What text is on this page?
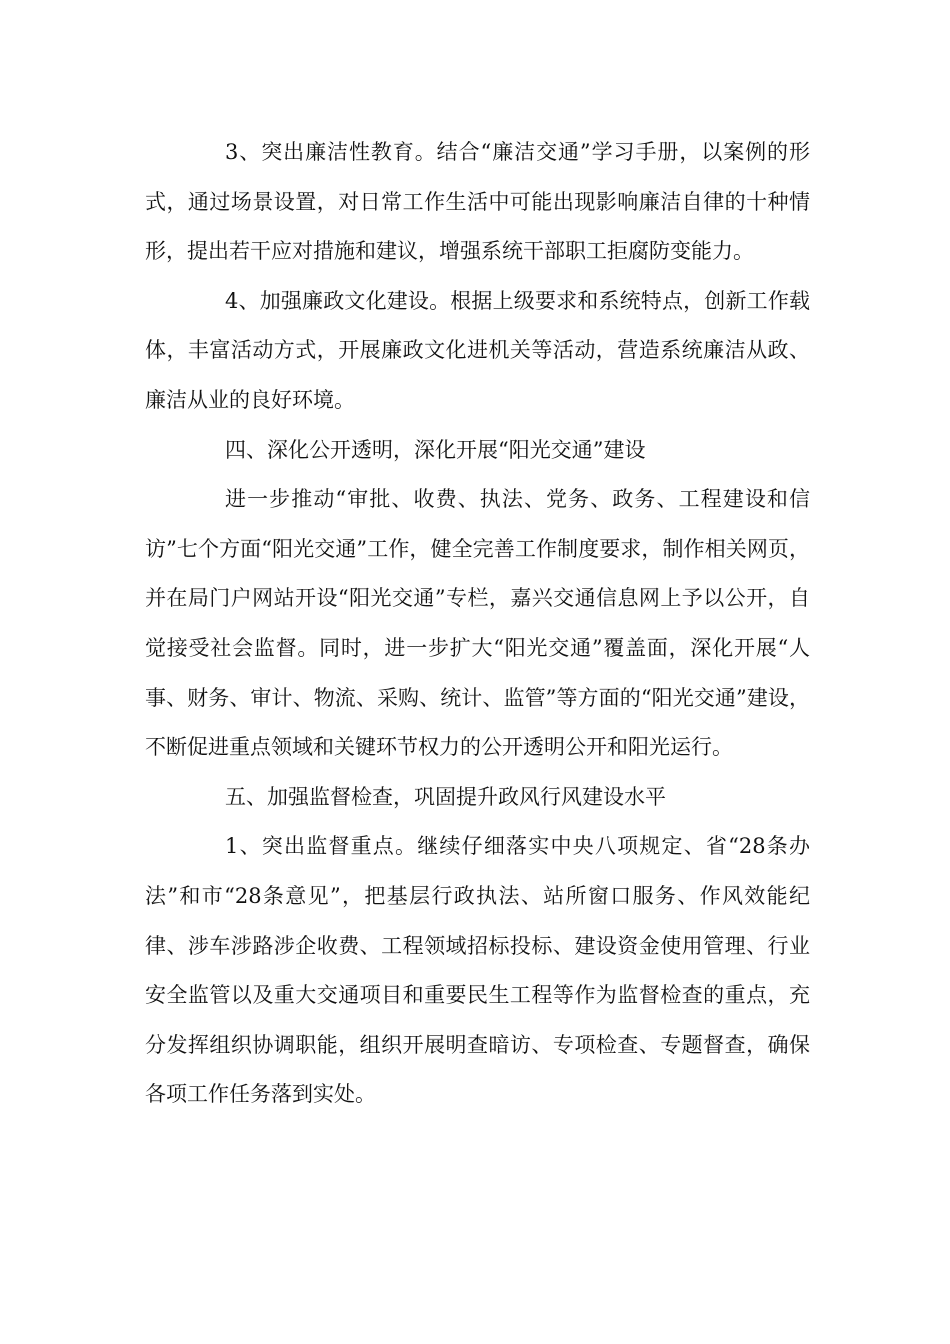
3、突出廉洁性教育。结合“廉洁交通”学习手册，以案例的形式，通过场景设置，对日常工作生活中可能出现影响廉洁自律的十种情形，提出若干应对措施和建议，增强系统干部职工拒腐防变能力。

4、加强廉政文化建设。根据上级要求和系统特点，创新工作载体，丰富活动方式，开展廉政文化进机关等活动，营造系统廉洁从政、廉洁从业的良好环境。

四、深化公开透明，深化开展“阳光交通”建设

进一步推动“审批、收费、执法、党务、政务、工程建设和信访”七个方面“阳光交通”工作，健全完善工作制度要求，制作相关网页，并在局门户网站开设“阳光交通”专栏，嘉兴交通信息网上予以公开，自觉接受社会监督。同时，进一步扩大“阳光交通”覆盖面，深化开展“人事、财务、审计、物流、采购、统计、监管”等方面的“阳光交通”建设，不断促进重点领域和关键环节权力的公开透明公开和阳光运行。

五、加强监督检查，巩固提升政风行风建设水平

1、突出监督重点。继续仔细落实中央八项规定、省“28条办法”和市“28条意见”，把基层行政执法、站所窗口服务、作风效能纪律、涉车涉路涉企收费、工程领域招标投标、建设资金使用管理、行业安全监管以及重大交通项目和重要民生工程等作为监督检查的重点，充分发挥组织协调职能，组织开展明查暗访、专项检查、专题督查，确保各项工作任务落到实处。
